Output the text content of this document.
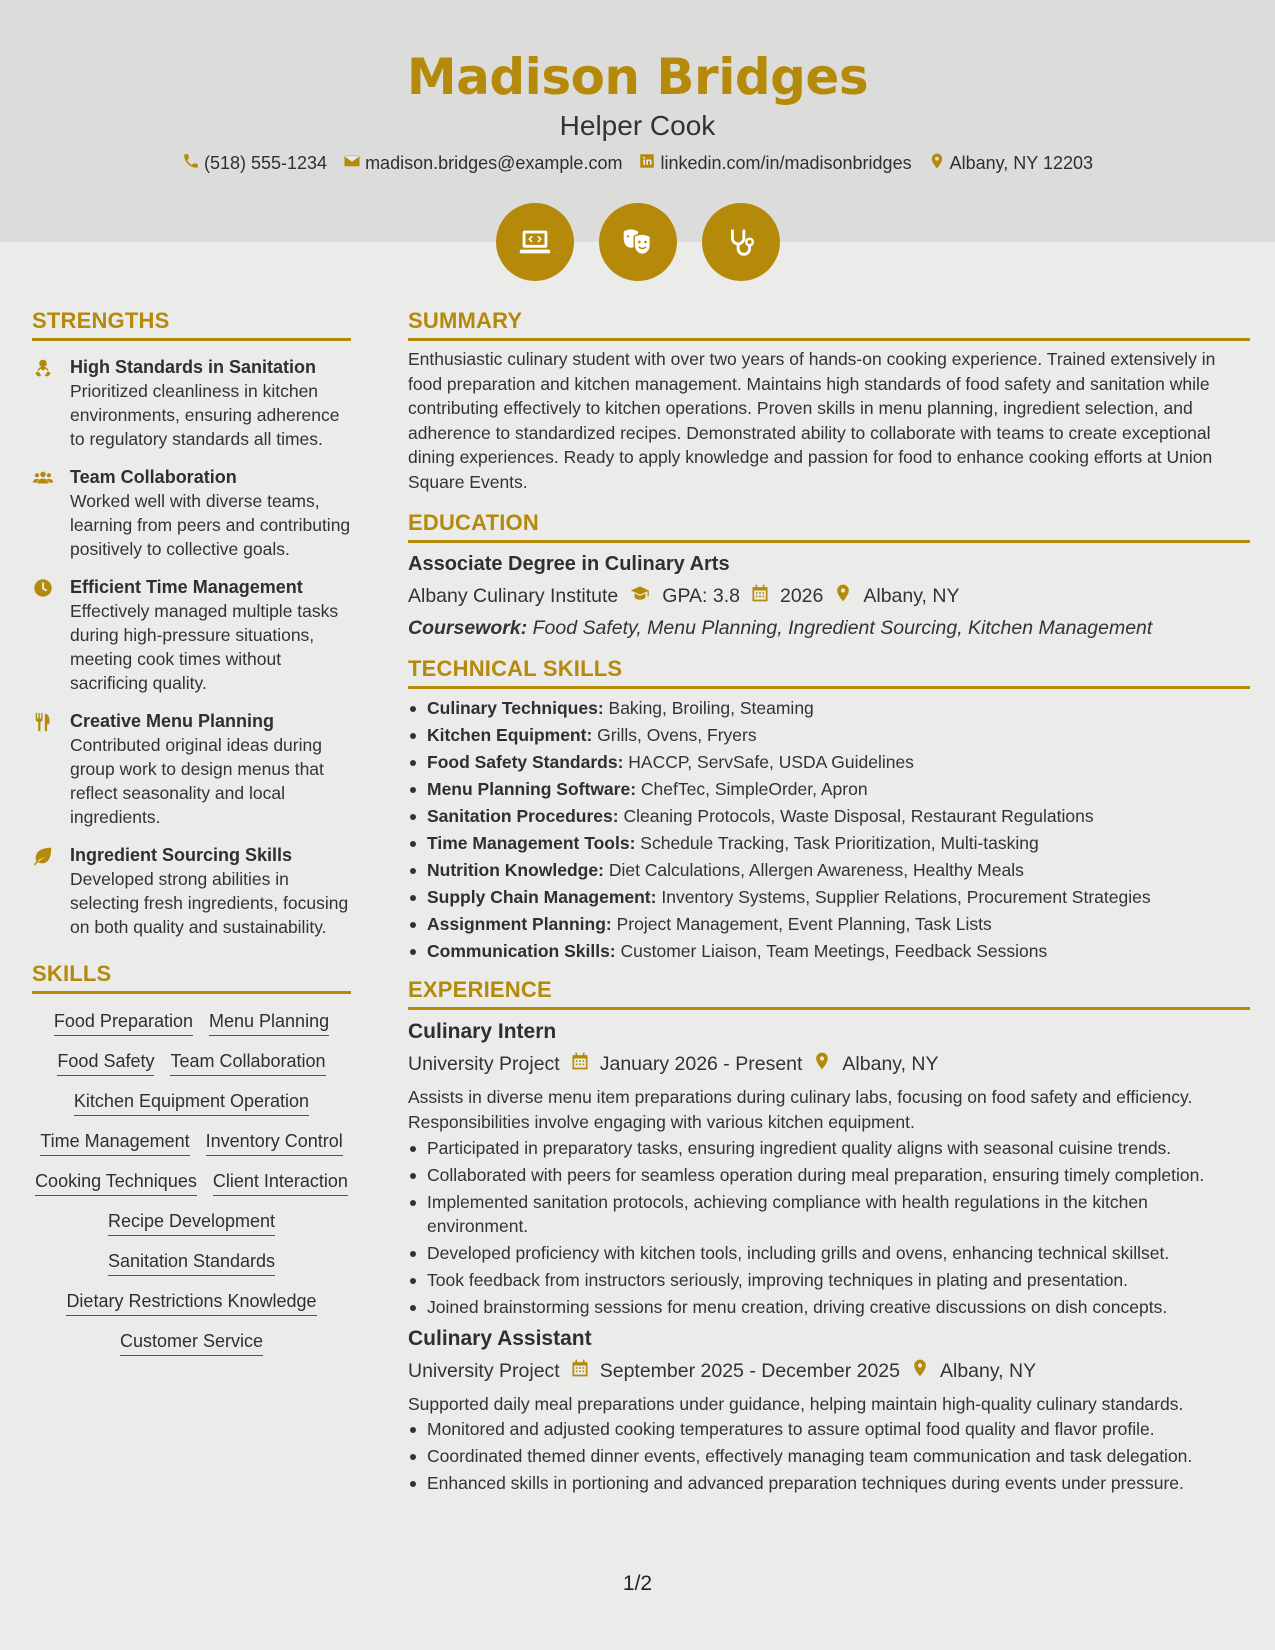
Madison Bridges
Helper Cook
(518) 555-1234 madison.bridges@example.com linkedin.com/in/madisonbridges Albany, NY 12203
STRENGTHS
High Standards in Sanitation
Prioritized cleanliness in kitchen environments, ensuring adherence to regulatory standards all times.
Team Collaboration
Worked well with diverse teams, learning from peers and contributing positively to collective goals.
Efficient Time Management
Effectively managed multiple tasks during high-pressure situations, meeting cook times without sacrificing quality.
Creative Menu Planning
Contributed original ideas during group work to design menus that reflect seasonality and local ingredients.
Ingredient Sourcing Skills
Developed strong abilities in selecting fresh ingredients, focusing on both quality and sustainability.
SKILLS
Food Preparation Menu Planning
Food Safety Team Collaboration
Kitchen Equipment Operation
Time Management Inventory Control
Cooking Techniques Client Interaction
Recipe Development
Sanitation Standards
Dietary Restrictions Knowledge
Customer Service
SUMMARY
Enthusiastic culinary student with over two years of hands-on cooking experience. Trained extensively in food preparation and kitchen management. Maintains high standards of food safety and sanitation while contributing effectively to kitchen operations. Proven skills in menu planning, ingredient selection, and adherence to standardized recipes. Demonstrated ability to collaborate with teams to create exceptional dining experiences. Ready to apply knowledge and passion for food to enhance cooking efforts at Union Square Events.
EDUCATION
Associate Degree in Culinary Arts
Albany Culinary Institute GPA: 3.8 2026 Albany, NY
Coursework: Food Safety, Menu Planning, Ingredient Sourcing, Kitchen Management
TECHNICAL SKILLS
Culinary Techniques: Baking, Broiling, Steaming
Kitchen Equipment: Grills, Ovens, Fryers
Food Safety Standards: HACCP, ServSafe, USDA Guidelines
Menu Planning Software: ChefTec, SimpleOrder, Apron
Sanitation Procedures: Cleaning Protocols, Waste Disposal, Restaurant Regulations
Time Management Tools: Schedule Tracking, Task Prioritization, Multi-tasking
Nutrition Knowledge: Diet Calculations, Allergen Awareness, Healthy Meals
Supply Chain Management: Inventory Systems, Supplier Relations, Procurement Strategies
Assignment Planning: Project Management, Event Planning, Task Lists
Communication Skills: Customer Liaison, Team Meetings, Feedback Sessions
EXPERIENCE
Culinary Intern
University Project January 2026 - Present Albany, NY
Assists in diverse menu item preparations during culinary labs, focusing on food safety and efficiency. Responsibilities involve engaging with various kitchen equipment.
Participated in preparatory tasks, ensuring ingredient quality aligns with seasonal cuisine trends.
Collaborated with peers for seamless operation during meal preparation, ensuring timely completion.
Implemented sanitation protocols, achieving compliance with health regulations in the kitchen environment.
Developed proficiency with kitchen tools, including grills and ovens, enhancing technical skillset.
Took feedback from instructors seriously, improving techniques in plating and presentation.
Joined brainstorming sessions for menu creation, driving creative discussions on dish concepts.
Culinary Assistant
University Project September 2025 - December 2025 Albany, NY
Supported daily meal preparations under guidance, helping maintain high-quality culinary standards.
Monitored and adjusted cooking temperatures to assure optimal food quality and flavor profile.
Coordinated themed dinner events, effectively managing team communication and task delegation.
Enhanced skills in portioning and advanced preparation techniques during events under pressure.
1/2
